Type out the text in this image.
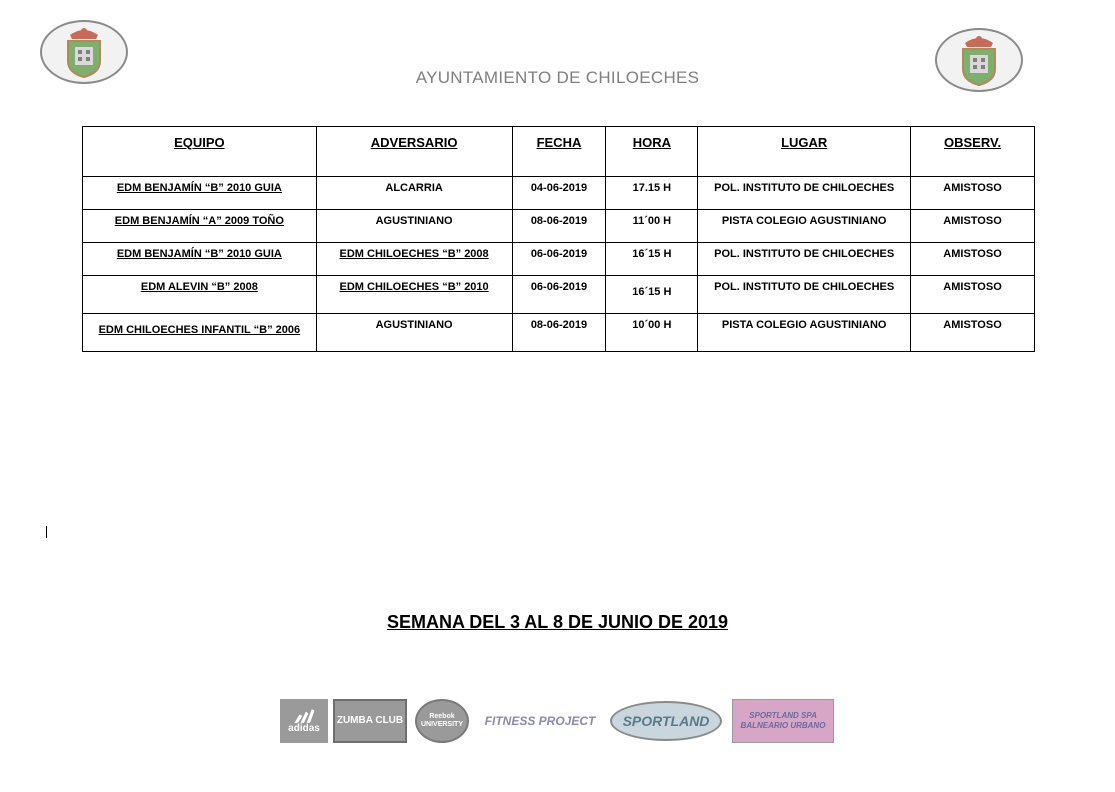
AYUNTAMIENTO DE CHILOECHES
EQUIPO	ADVERSARIO	FECHA	HORA	LUGAR	OBSERV.
EDM BENJAMÍN “B” 2010 GUIA	ALCARRIA	04-06-2019	17.15 H	POL. INSTITUTO DE CHILOECHES	AMISTOSO
EDM BENJAMÍN “A” 2009 TOÑO	AGUSTINIANO	08-06-2019	11´00 H	PISTA COLEGIO AGUSTINIANO	AMISTOSO
EDM BENJAMÍN “B” 2010 GUIA	EDM CHILOECHES “B” 2008	06-06-2019	16´15 H	POL. INSTITUTO DE CHILOECHES	AMISTOSO
EDM ALEVIN “B” 2008	EDM CHILOECHES “B” 2010	06-06-2019	16´15 H	POL. INSTITUTO DE CHILOECHES	AMISTOSO
EDM CHILOECHES INFANTIL “B” 2006	AGUSTINIANO	08-06-2019	10´00 H	PISTA COLEGIO AGUSTINIANO	AMISTOSO
SEMANA DEL 3 AL 8 DE JUNIO DE 2019
adidas
ZUMBA CLUB	Reebok UNIVERSITY	FITNESS PROJECT SPORTLAND	SPORTLAND SPA BALNEARIO URBANO
